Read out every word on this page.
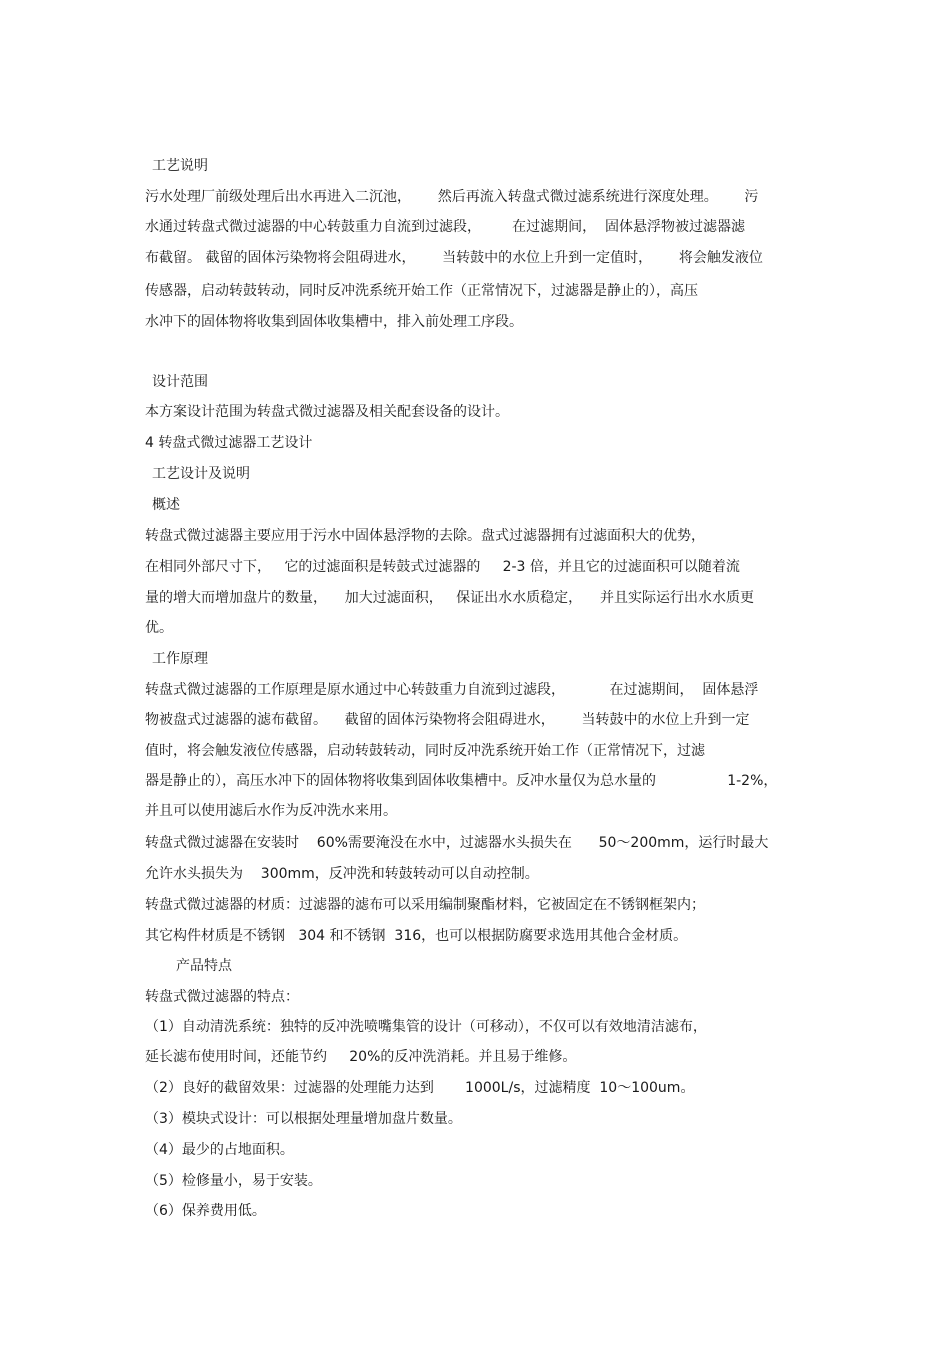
工艺说明
污水处理厂前级处理后出水再进入二沉池，      然后再流入转盘式微过滤系统进行深度处理。      污
水通过转盘式微过滤器的中心转鼓重力自流到过滤段，       在过滤期间，  固体悬浮物被过滤器滤
布截留。 截留的固体污染物将会阻碍进水，      当转鼓中的水位上升到一定值时，      将会触发液位
传感器，启动转鼓转动，同时反冲洗系统开始工作（正常情况下，过滤器是静止的），高压
水冲下的固体物将收集到固体收集槽中，排入前处理工序段。
设计范围
本方案设计范围为转盘式微过滤器及相关配套设备的设计。
4 转盘式微过滤器工艺设计
工艺设计及说明
概述
转盘式微过滤器主要应用于污水中固体悬浮物的去除。盘式过滤器拥有过滤面积大的优势，
在相同外部尺寸下，   它的过滤面积是转鼓式过滤器的     2-3 倍，并且它的过滤面积可以随着流
量的增大而增加盘片的数量，    加大过滤面积，   保证出水水质稳定，    并且实际运行出水水质更
优。
工作原理
转盘式微过滤器的工作原理是原水通过中心转鼓重力自流到过滤段，          在过滤期间，  固体悬浮
物被盘式过滤器的滤布截留。    截留的固体污染物将会阻碍进水，      当转鼓中的水位上升到一定
值时，将会触发液位传感器，启动转鼓转动，同时反冲洗系统开始工作（正常情况下，过滤
器是静止的），高压水冲下的固体物将收集到固体收集槽中。反冲水量仅为总水量的                1-2%，
并且可以使用滤后水作为反冲洗水来用。
转盘式微过滤器在安装时    60%需要淹没在水中，过滤器水头损失在      50～200mm，运行时最大
允许水头损失为    300mm，反冲洗和转鼓转动可以自动控制。
转盘式微过滤器的材质：过滤器的滤布可以采用编制聚酯材料，它被固定在不锈钢框架内；
其它构件材质是不锈钢   304 和不锈钢  316，也可以根据防腐要求选用其他合金材质。
产品特点
转盘式微过滤器的特点：
（1）自动清洗系统：独特的反冲洗喷嘴集管的设计（可移动），不仅可以有效地清洁滤布，
延长滤布使用时间，还能节约     20%的反冲洗消耗。并且易于维修。
（2）良好的截留效果：过滤器的处理能力达到       1000L/s，过滤精度  10～100um。
（3）模块式设计：可以根据处理量增加盘片数量。
（4）最少的占地面积。
（5）检修量小，易于安装。
（6）保养费用低。
